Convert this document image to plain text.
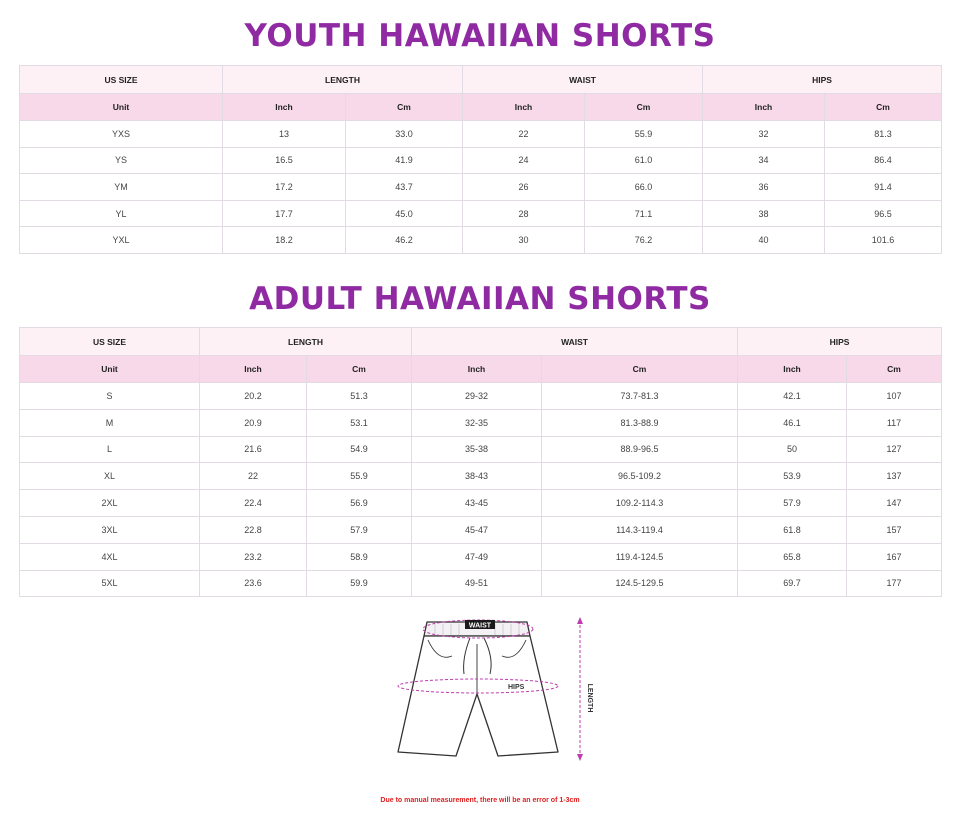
YOUTH HAWAIIAN SHORTS
US SIZE	LENGTH		WAIST		HIPS	
Unit	Inch	Cm	Inch	Cm	Inch	Cm
YXS	13	33.0	22	55.9	32	81.3
YS	16.5	41.9	24	61.0	34	86.4
YM	17.2	43.7	26	66.0	36	91.4
YL	17.7	45.0	28	71.1	38	96.5
YXL	18.2	46.2	30	76.2	40	101.6
ADULT HAWAIIAN SHORTS
US SIZE	LENGTH		WAIST		HIPS	
Unit	Inch	Cm	Inch	Cm	Inch	Cm
S	20.2	51.3	29-32	73.7-81.3	42.1	107
M	20.9	53.1	32-35	81.3-88.9	46.1	117
L	21.6	54.9	35-38	88.9-96.5	50	127
XL	22	55.9	38-43	96.5-109.2	53.9	137
2XL	22.4	56.9	43-45	109.2-114.3	57.9	147
3XL	22.8	57.9	45-47	114.3-119.4	61.8	157
4XL	23.2	58.9	47-49	119.4-124.5	65.8	167
5XL	23.6	59.9	49-51	124.5-129.5	69.7	177
WAIST
HIPS	LENGTH
Due to manual measurement, there will be an error of 1-3cm
